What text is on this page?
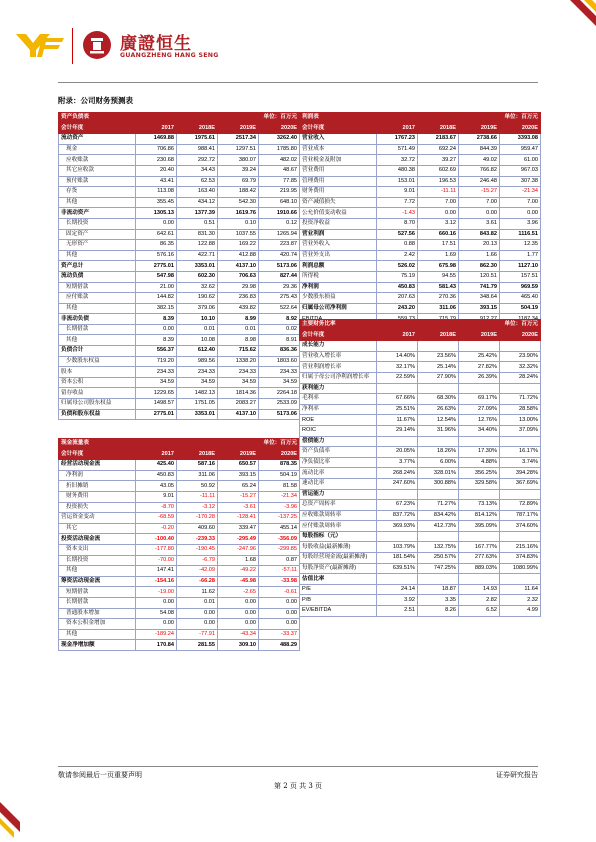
廣證恒生
GUANGZHENG HANG SENG
附录：公司财务预测表
资产负债表			单位：百万元	
会计年度	2017	2018E	2019E	2020E
流动资产	1469.88	1975.61	2517.34	3262.40
现金	706.86	988.41	1297.51	1785.80
应收账款	230.68	292.72	380.07	482.02
其它应收款	20.40	34.43	39.24	48.67
预付账款	43.41	62.53	69.79	77.85
存货	113.08	163.40	188.42	219.95
其他	355.45	434.12	542.30	648.10
非流动资产	1305.13	1377.39	1619.76	1910.66
长期投资	0.00	0.51	0.10	0.12
固定资产	642.61	831.30	1037.55	1265.94
无形资产	86.35	122.88	169.22	223.87
其他	576.16	422.71	412.88	420.74
资产总计	2775.01	3353.01	4137.10	5173.06
流动负债	547.98	602.30	706.63	827.44
短期借款	21.00	32.62	29.98	29.36
应付账款	144.82	190.62	236.83	275.43
其他	382.15	379.06	439.82	522.64
非流动负债	8.39	10.10	8.99	8.92
长期借款	0.00	0.01	0.01	0.02
其他	8.39	10.08	8.98	8.91
负债合计	556.37	612.40	715.62	836.36
少数股东权益	719.20	989.56	1338.20	1803.60
股本	234.33	234.33	234.33	234.33
资本公积	34.59	34.59	34.59	34.59
留存收益	1229.65	1482.13	1814.36	2264.18
归属母公司股东权益	1498.57	1751.05	2083.27	2533.09
负债和股东权益	2775.01	3353.01	4137.10	5173.06
现金流量表			单位：百万元	
会计年度	2017	2018E	2019E	2020E
经营活动现金流	425.40	587.16	650.57	878.35
净利润	450.83	311.06	393.15	504.19
折旧摊销	43.05	50.92	65.24	81.58
财务费用	9.01	-11.11	-15.27	-21.34
投资损失	-8.70	-3.12	-3.61	-3.96
营运资金变动	-68.59	-170.28	-128.41	-137.25
其它	-0.20	409.60	339.47	455.14
投资活动现金流	-100.40	-239.33	-295.49	-356.09
资本支出	-177.80	-190.45	-247.96	-299.85
长期投资	-70.00	-6.79	1.68	0.87
其他	147.41	-42.09	-49.22	-57.11
筹资活动现金流	-154.16	-66.28	-45.98	-33.98
短期借款	-19.00	11.62	-2.65	-0.61
长期借款	0.00	0.01	0.00	0.00
普通股本增加	54.08	0.00	0.00	0.00
资本公积金增加	0.00	0.00	0.00	0.00
其他	-189.24	-77.91	-43.34	-33.37
现金净增加额	170.84	281.55	309.10	488.29
利润表			单位：百万元	
会计年度	2017	2018E	2019E	2020E
营业收入	1767.23	2183.67	2738.66	3393.08
营业成本	571.49	692.24	844.39	959.47
营业税金及附加	32.72	39.27	49.02	61.00
营业费用	480.38	602.69	766.82	967.03
管理费用	153.01	196.53	246.48	307.38
财务费用	9.01	-11.11	-15.27	-21.34
资产减值损失	7.72	7.00	7.00	7.00
公允价值变动收益	-1.43	0.00	0.00	0.00
投资净收益	8.70	3.12	3.61	3.96
营业利润	527.56	660.16	843.82	1116.51
营业外收入	0.88	17.51	20.13	12.35
营业外支出	2.42	1.69	1.66	1.77
利润总额	526.02	675.98	862.30	1127.10
所得税	75.19	94.55	120.51	157.51
净利润	450.83	581.43	741.79	969.59
少数股东损益	207.63	270.36	348.64	465.40
归属母公司净利润	243.20	311.06	393.15	504.19

主要财务比率			单位：百万元	
会计年度	2017	2018E	2019E	2020E
成长能力				
营业收入增长率	14.40%	23.56%	25.42%	23.90%
营业利润增长率	32.17%	25.14%	27.82%	32.32%
归属于母公司净利润增长率	22.59%	27.90%	26.39%	28.24%
获利能力				
毛利率	67.66%	68.30%	69.17%	71.72%
净利率	25.51%	26.63%	27.09%	28.58%
ROE	11.67%	12.54%	12.76%	13.00%
ROIC	29.14%	31.96%	34.40%	37.09%
偿债能力				
资产负债率	20.05%	18.26%	17.30%	16.17%
净负债比率	3.77%	6.00%	4.88%	3.74%
流动比率	268.24%	328.01%	356.25%	394.28%
速动比率	247.60%	300.88%	329.58%	367.69%
营运能力				
总资产周转率	67.23%	71.27%	73.13%	72.89%
应收账款周转率	837.72%	834.42%	814.12%	787.17%
应付账款周转率	369.93%	412.73%	395.09%	374.60%
每股指标（元）				
每股收益(最新摊薄)	103.79%	132.75%	167.77%	215.16%
每股经营现金流(最新摊薄)	181.54%	250.57%	277.63%	374.83%
每股净资产(最新摊薄)	639.51%	747.25%	889.03%	1080.99%
估值比率				
P/E	24.14	18.87	14.93	11.64
P/B	3.92	3.35	2.82	2.32
EV/EBITDA	2.51	8.26	6.52	4.99
敬请参阅最后一页重要声明	证券研究报告
第 2 页 共 3 页
